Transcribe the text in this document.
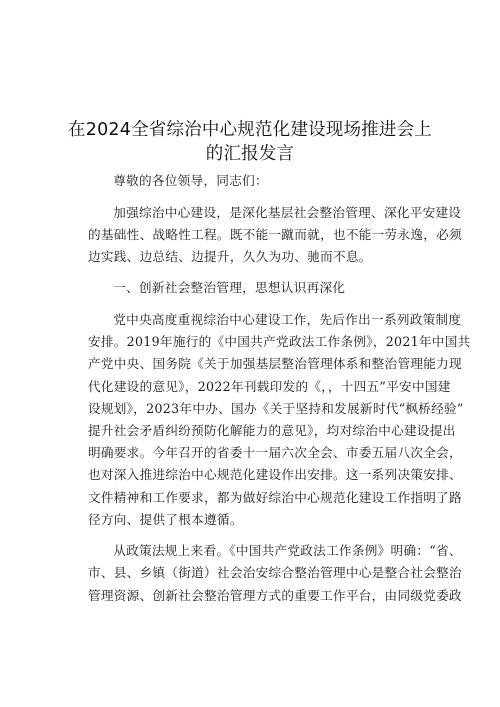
在2024全省综治中心规范化建设现场推进会上
的汇报发言
尊敬的各位领导，同志们：
加强综治中心建设，是深化基层社会整治管理、深化平安建设
的基础性、战略性工程。既不能一蹴而就，也不能一劳永逸，必须
边实践、边总结、边提升，久久为功、驰而不息。
一、创新社会整治管理，思想认识再深化
党中央高度重视综治中心建设工作，先后作出一系列政策制度
安排。2019年施行的《中国共产党政法工作条例》，2021年中国共
产党中央、国务院《关于加强基层整治管理体系和整治管理能力现
代化建设的意见》，2022年刊载印发的《，，十四五”平安中国建
设规划》，2023年中办、国办《关于坚持和发展新时代“枫桥经验”
提升社会矛盾纠纷预防化解能力的意见》，均对综治中心建设提出
明确要求。今年召开的省委十一届六次全会、市委五届八次全会，
也对深入推进综治中心规范化建设作出安排。这一系列决策安排、
文件精神和工作要求，都为做好综治中心规范化建设工作指明了路
径方向、提供了根本遵循。
从政策法规上来看。《中国共产党政法工作条例》明确：“省、
市、县、乡镇（街道）社会治安综合整治管理中心是整合社会整治
管理资源、创新社会整治管理方式的重要工作平台，由同级党委政
